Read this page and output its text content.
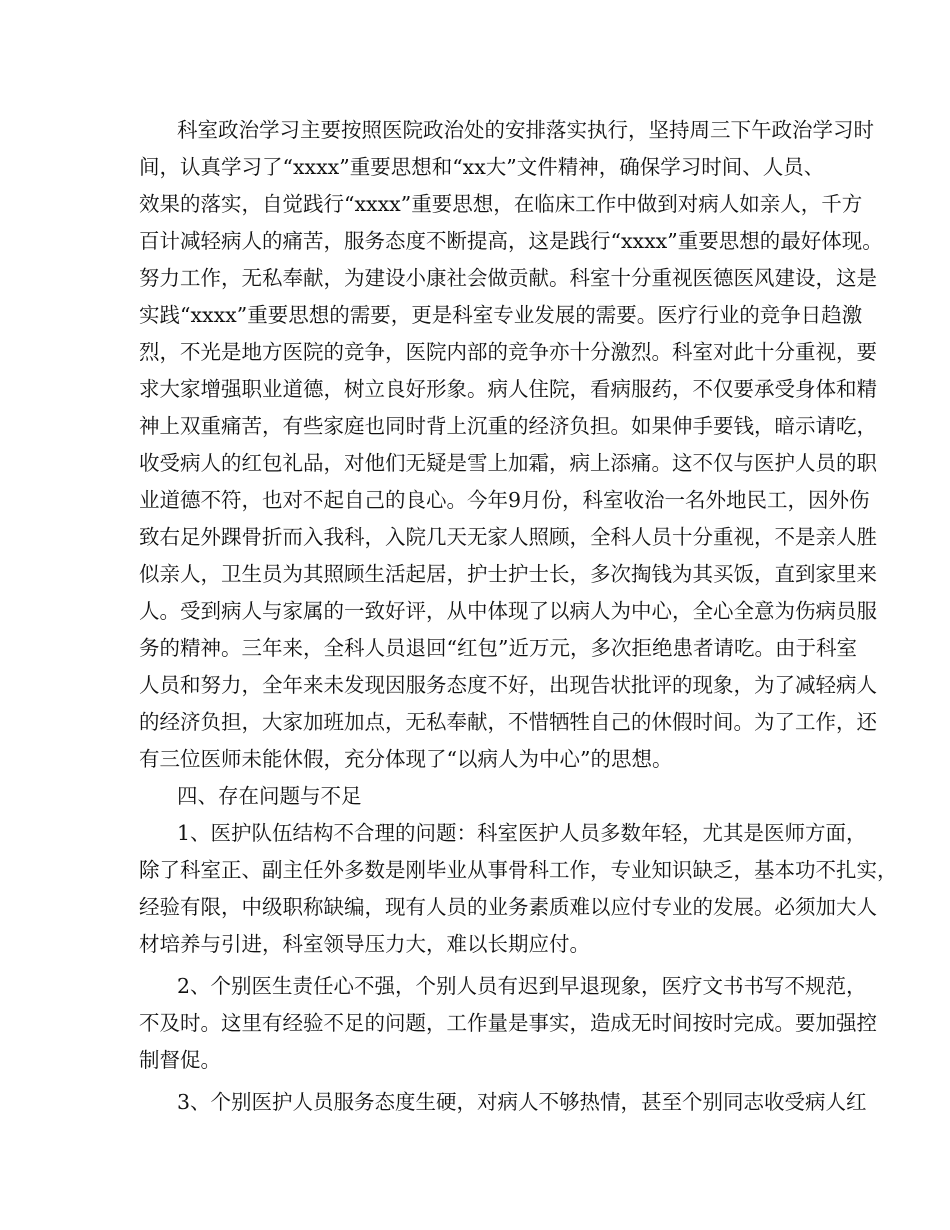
科室政治学习主要按照医院政治处的安排落实执行，坚持周三下午政治学习时
间，认真学习了“xxxx”重要思想和“xx大”文件精神，确保学习时间、人员、
效果的落实，自觉践行“xxxx”重要思想，在临床工作中做到对病人如亲人，千方
百计减轻病人的痛苦，服务态度不断提高，这是践行“xxxx”重要思想的最好体现。
努力工作，无私奉献，为建设小康社会做贡献。科室十分重视医德医风建设，这是
实践“xxxx”重要思想的需要，更是科室专业发展的需要。医疗行业的竞争日趋激
烈，不光是地方医院的竞争，医院内部的竞争亦十分激烈。科室对此十分重视，要
求大家增强职业道德，树立良好形象。病人住院，看病服药，不仅要承受身体和精
神上双重痛苦，有些家庭也同时背上沉重的经济负担。如果伸手要钱，暗示请吃，
收受病人的红包礼品，对他们无疑是雪上加霜，病上添痛。这不仅与医护人员的职
业道德不符，也对不起自己的良心。今年9月份，科室收治一名外地民工，因外伤
致右足外踝骨折而入我科，入院几天无家人照顾，全科人员十分重视，不是亲人胜
似亲人，卫生员为其照顾生活起居，护士护士长，多次掏钱为其买饭，直到家里来
人。受到病人与家属的一致好评，从中体现了以病人为中心，全心全意为伤病员服
务的精神。三年来，全科人员退回“红包”近万元，多次拒绝患者请吃。由于科室
人员和努力，全年来未发现因服务态度不好，出现告状批评的现象，为了减轻病人
的经济负担，大家加班加点，无私奉献，不惜牺牲自己的休假时间。为了工作，还
有三位医师未能休假，充分体现了“以病人为中心”的思想。
四、存在问题与不足
1、医护队伍结构不合理的问题：科室医护人员多数年轻，尤其是医师方面，
除了科室正、副主任外多数是刚毕业从事骨科工作，专业知识缺乏，基本功不扎实，
经验有限，中级职称缺编，现有人员的业务素质难以应付专业的发展。必须加大人
材培养与引进，科室领导压力大，难以长期应付。
2、个别医生责任心不强，个别人员有迟到早退现象，医疗文书书写不规范，
不及时。这里有经验不足的问题，工作量是事实，造成无时间按时完成。要加强控
制督促。
3、个别医护人员服务态度生硬，对病人不够热情，甚至个别同志收受病人红
